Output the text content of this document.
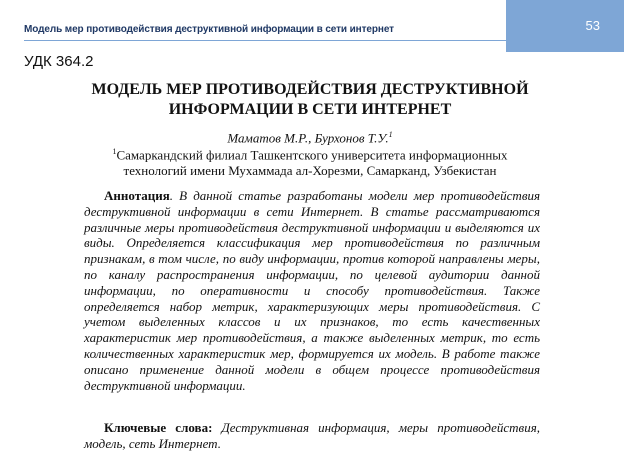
53
Модель мер противодействия деструктивной информации в сети интернет
УДК 364.2
МОДЕЛЬ МЕР ПРОТИВОДЕЙСТВИЯ ДЕСТРУКТИВНОЙ
ИНФОРМАЦИИ В СЕТИ ИНТЕРНЕТ
Маматов М.Р., Бурхонов Т.У.$^1$
$^1$Самаркандский филиал Ташкентского университета информационных
технологий имени Мухаммада ал-Хорезми, Самарканд, Узбекистан

Аннотация. В данной статье разработаны модели мер противодействия деструктивной информации в сети Интернет. В статье рассматриваются различные меры противодействия деструктивной информации и выделяются их виды. Определяется классификация мер противодействия по различным признакам, в том числе, по виду информации, против которой направлены меры, по каналу распространения информации, по целевой аудитории данной информации, по оперативности и способу противодействия. Также определяется набор метрик, характеризующих меры противодействия. С учетом выделенных классов и их признаков, то есть качественных характеристик мер противодействия, а также выделенных метрик, то есть количественных характеристик мер, формируется их модель. В работе также описано применение данной модели в общем процессе противодействия деструктивной информации.

Ключевые слова: Деструктивная информация, меры противодействия, модель, сеть Интернет.
